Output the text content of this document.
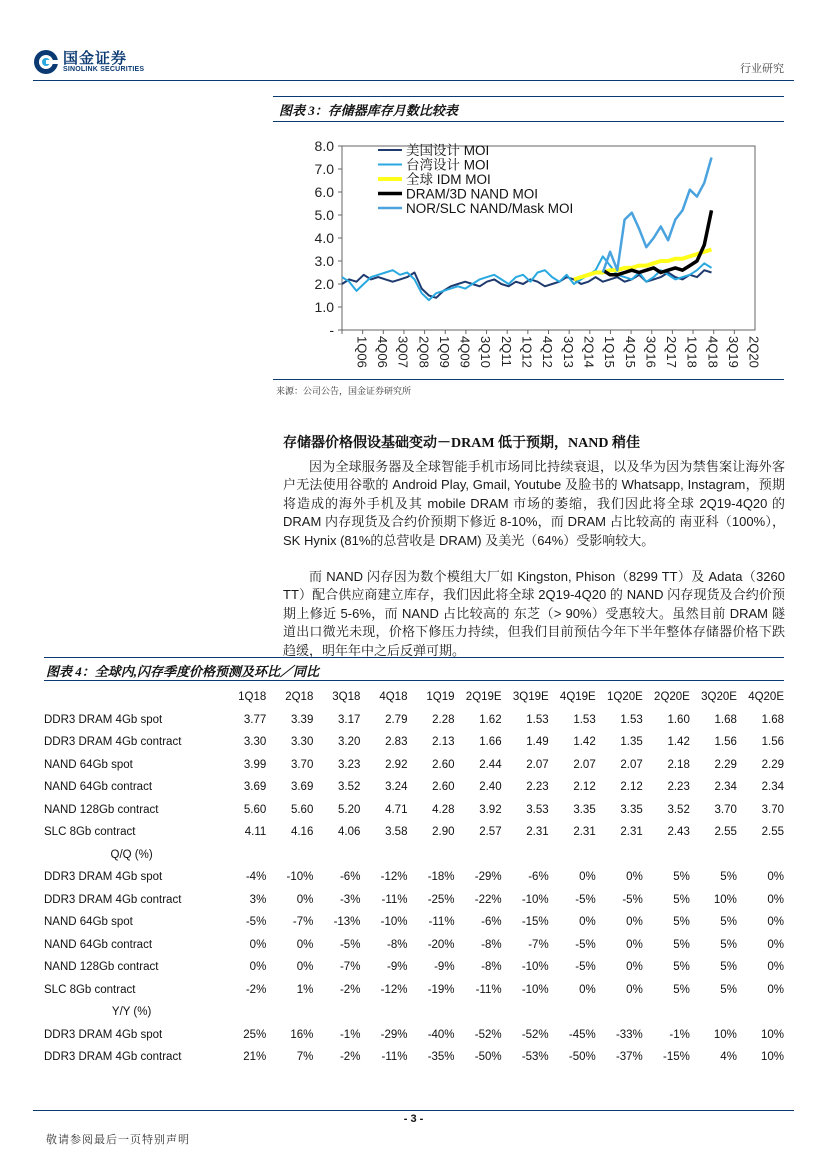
国金证券
SINOLINK SECURITIES	行业研究
图表 3：存储器库存月数比较表
8.0
7.0
6.0
5.0
4.0
3.0
2.0
1.0
-
1Q06 4Q06 3Q07 2Q08 1Q09 4Q09 3Q10 2Q11 1Q12 4Q12 3Q13 2Q14 1Q15 4Q15 3Q16 2Q17 1Q18 4Q18 3Q19 2Q20
美国设计 MOI
台湾设计 MOI
全球 IDM MOI
DRAM/3D NAND MOI
NOR/SLC NAND/Mask MOI
来源：公司公告，国金证券研究所
存储器价格假设基础变动－DRAM 低于预期，NAND 稍佳

因为全球服务器及全球智能手机市场同比持续衰退，以及华为因为禁售案让海外客户无法使用谷歌的 Android Play, Gmail, Youtube 及脸书的 Whatsapp, Instagram，预期将造成的海外手机及其 mobile DRAM 市场的萎缩，我们因此将全球 2Q19-4Q20 的 DRAM 内存现货及合约价预期下修近 8-10%，而 DRAM 占比较高的 南亚科（100%），SK Hynix (81%的总营收是 DRAM) 及美光（64%）受影响较大。

而 NAND 闪存因为数个模组大厂如 Kingston, Phison（8299 TT）及 Adata（3260 TT）配合供应商建立库存，我们因此将全球 2Q19-4Q20 的 NAND 闪存现货及合约价预期上修近 5-6%，而 NAND 占比较高的 东芝（> 90%）受惠较大。虽然目前 DRAM 隧道出口微光未现，价格下修压力持续，但我们目前预估今年下半年整体存储器价格下跌趋缓，明年年中之后反弹可期。

图表 4：全球内,闪存季度价格预测及环比／同比
	1Q18	2Q18	3Q18	4Q18	1Q19	2Q19E	3Q19E	4Q19E	1Q20E	2Q20E	3Q20E	4Q20E
DDR3 DRAM 4Gb spot	3.77	3.39	3.17	2.79	2.28	1.62	1.53	1.53	1.53	1.60	1.68	1.68
DDR3 DRAM 4Gb contract	3.30	3.30	3.20	2.83	2.13	1.66	1.49	1.42	1.35	1.42	1.56	1.56
NAND 64Gb spot	3.99	3.70	3.23	2.92	2.60	2.44	2.07	2.07	2.07	2.18	2.29	2.29
NAND 64Gb contract	3.69	3.69	3.52	3.24	2.60	2.40	2.23	2.12	2.12	2.23	2.34	2.34
NAND 128Gb contract	5.60	5.60	5.20	4.71	4.28	3.92	3.53	3.35	3.35	3.52	3.70	3.70
SLC 8Gb contract	4.11	4.16	4.06	3.58	2.90	2.57	2.31	2.31	2.31	2.43	2.55	2.55
Q/Q (%)												
DDR3 DRAM 4Gb spot	-4%	-10%	-6%	-12%	-18%	-29%	-6%	0%	0%	5%	5%	0%
DDR3 DRAM 4Gb contract	3%	0%	-3%	-11%	-25%	-22%	-10%	-5%	-5%	5%	10%	0%
NAND 64Gb spot	-5%	-7%	-13%	-10%	-11%	-6%	-15%	0%	0%	5%	5%	0%
NAND 64Gb contract	0%	0%	-5%	-8%	-20%	-8%	-7%	-5%	0%	5%	5%	0%
NAND 128Gb contract	0%	0%	-7%	-9%	-9%	-8%	-10%	-5%	0%	5%	5%	0%
SLC 8Gb contract	-2%	1%	-2%	-12%	-19%	-11%	-10%	0%	0%	5%	5%	0%
Y/Y (%)												
DDR3 DRAM 4Gb spot	25%	16%	-1%	-29%	-40%	-52%	-52%	-45%	-33%	-1%	10%	10%
DDR3 DRAM 4Gb contract	21%	7%	-2%	-11%	-35%	-50%	-53%	-50%	-37%	-15%	4%	10%
- 3 -
敬请参阅最后一页特别声明
